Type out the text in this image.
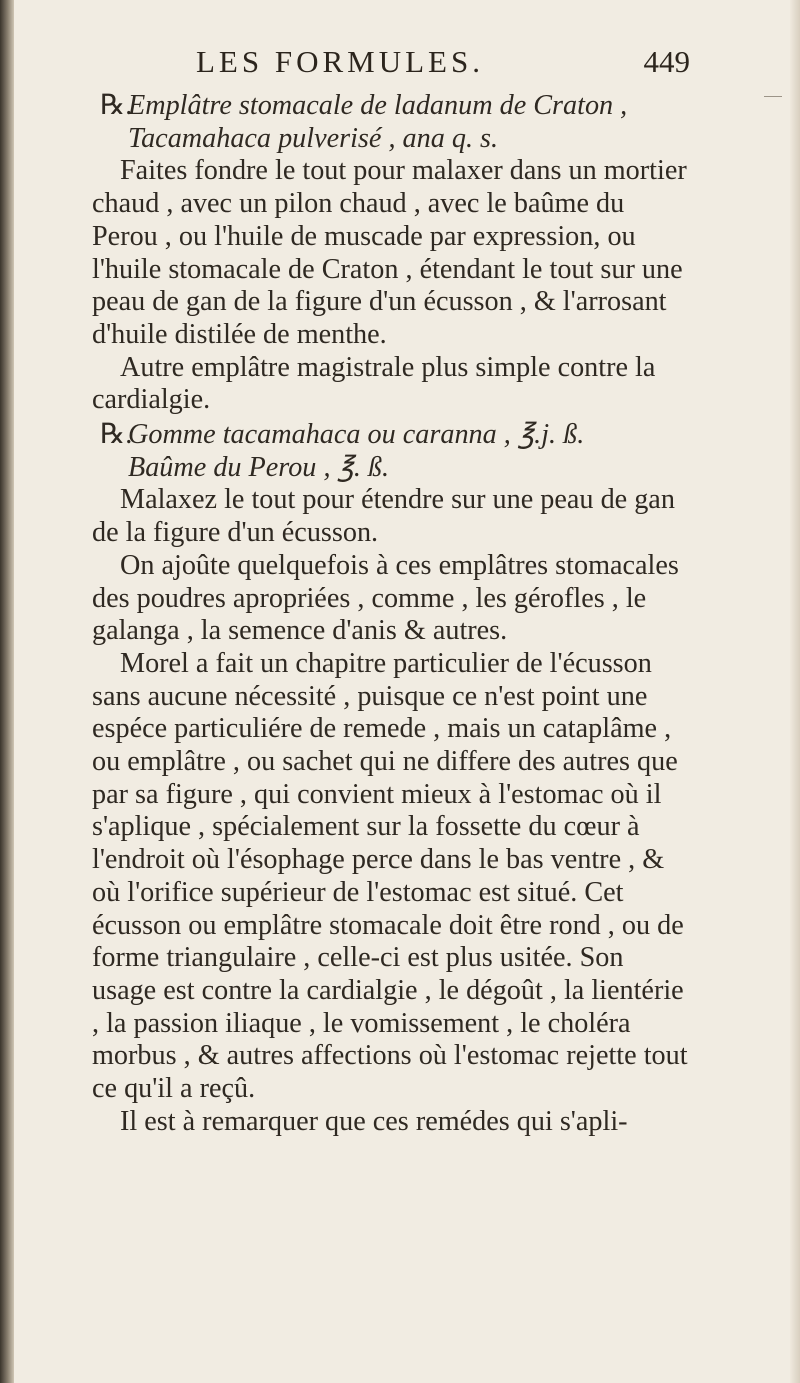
LES FORMULES.	449
℞.
Emplâtre stomacale de ladanum de Craton ,
Tacamahaca pulverisé , ana q. s.

Faites fondre le tout pour malaxer dans un mortier chaud , avec un pilon chaud , avec le baûme du Perou , ou l'huile de muscade par expression, ou l'huile stomacale de Craton , étendant le tout sur une peau de gan de la figure d'un écusson , & l'arrosant d'huile distilée de menthe.

Autre emplâtre magistrale plus simple contre la cardialgie.

℞.
Gomme tacamahaca ou caranna , ℥.j. ß.
Baûme du Perou , ℥. ß.

Malaxez le tout pour étendre sur une peau de gan de la figure d'un écusson.

On ajoûte quelquefois à ces emplâtres stomacales des poudres apropriées , comme , les gérofles , le galanga , la semence d'anis & autres.

Morel a fait un chapitre particulier de l'écusson sans aucune nécessité , puisque ce n'est point une espéce particuliére de remede , mais un cataplâme , ou emplâtre , ou sachet qui ne differe des autres que par sa figure , qui convient mieux à l'estomac où il s'aplique , spécialement sur la fossette du cœur à l'endroit où l'ésophage perce dans le bas ventre , & où l'orifice supérieur de l'estomac est situé. Cet écusson ou emplâtre stomacale doit être rond , ou de forme triangulaire , celle-ci est plus usitée. Son usage est contre la cardialgie , le dégoût , la lientérie , la passion iliaque , le vomissement , le choléra morbus , & autres affections où l'estomac rejette tout ce qu'il a reçû.

Il est à remarquer que ces remédes qui s'apli-
